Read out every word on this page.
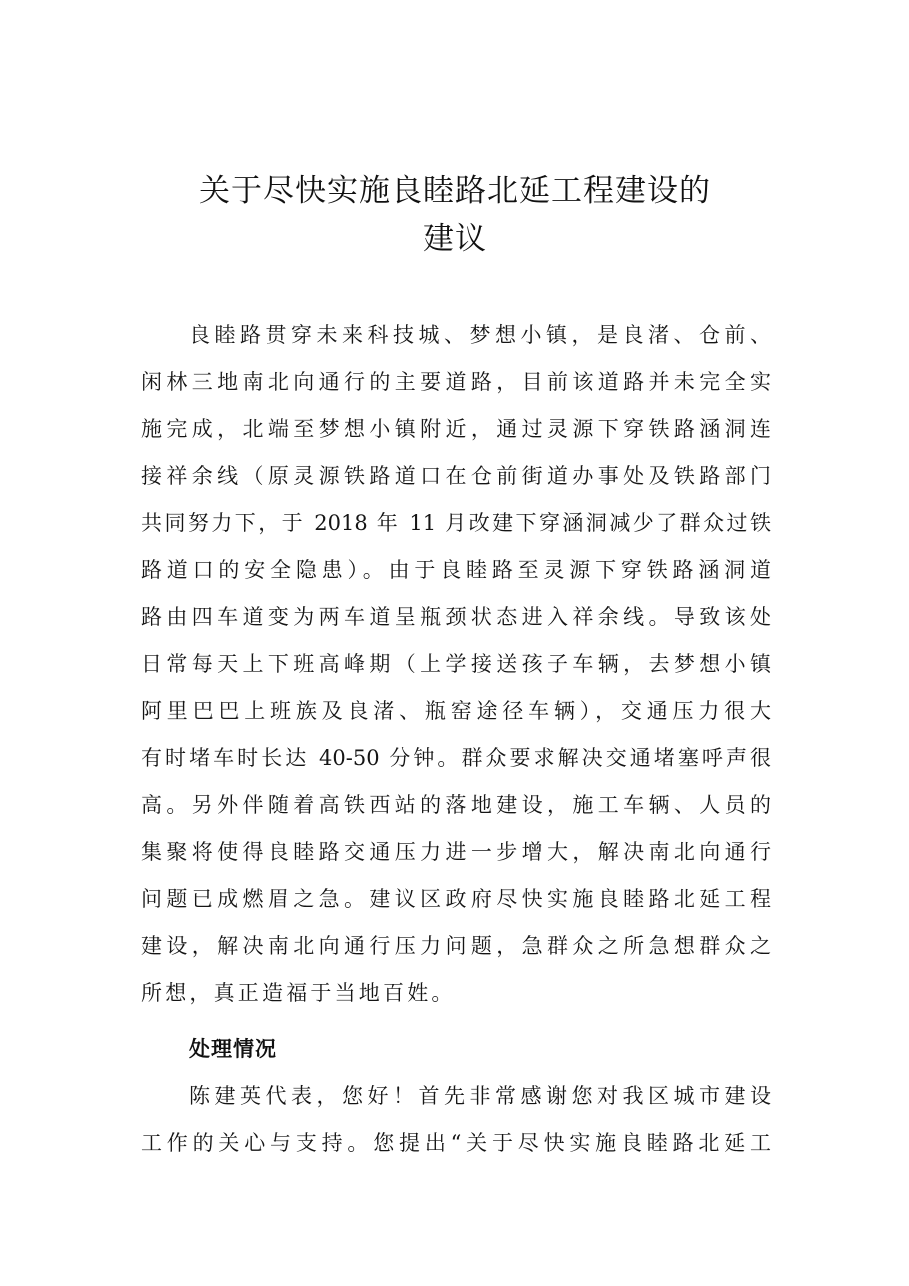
关于尽快实施良睦路北延工程建设的
建议
良睦路贯穿未来科技城、梦想小镇，是良渚、仓前、
闲林三地南北向通行的主要道路，目前该道路并未完全实
施完成，北端至梦想小镇附近，通过灵源下穿铁路涵洞连
接祥余线（原灵源铁路道口在仓前街道办事处及铁路部门
共同努力下，于 2018 年 11 月改建下穿涵洞减少了群众过铁
路道口的安全隐患）。由于良睦路至灵源下穿铁路涵洞道
路由四车道变为两车道呈瓶颈状态进入祥余线。导致该处
日常每天上下班高峰期（上学接送孩子车辆，去梦想小镇
阿里巴巴上班族及良渚、瓶窑途径车辆），交通压力很大
有时堵车时长达 40-50 分钟。群众要求解决交通堵塞呼声很
高。另外伴随着高铁西站的落地建设，施工车辆、人员的
集聚将使得良睦路交通压力进一步增大，解决南北向通行
问题已成燃眉之急。建议区政府尽快实施良睦路北延工程
建设，解决南北向通行压力问题，急群众之所急想群众之
所想，真正造福于当地百姓。
处理情况
陈建英代表，您好！首先非常感谢您对我区城市建设
工作的关心与支持。您提出“关于尽快实施良睦路北延工
